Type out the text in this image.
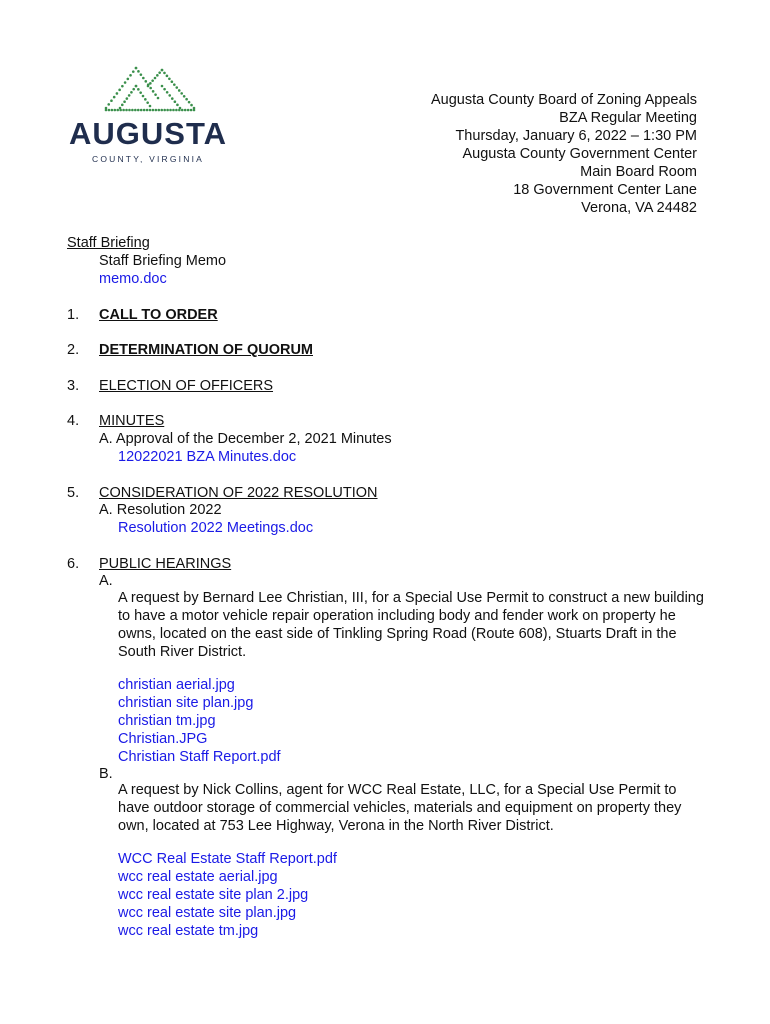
AUGUSTA
COUNTY, VIRGINIA
Augusta County Board of Zoning Appeals
BZA Regular Meeting
Thursday, January 6, 2022 – 1:30 PM
Augusta County Government Center
Main Board Room
18 Government Center Lane
Verona, VA 24482
Staff Briefing
Staff Briefing Memo
memo.doc
1. CALL TO ORDER
2. DETERMINATION OF QUORUM
3. ELECTION OF OFFICERS
4. MINUTES
A. Approval of the December 2, 2021 Minutes
12022021 BZA Minutes.doc
5. CONSIDERATION OF 2022 RESOLUTION
A. Resolution 2022
Resolution 2022 Meetings.doc
6. PUBLIC HEARINGS
A.
A request by Bernard Lee Christian, III, for a Special Use Permit to construct a new building to have a motor vehicle repair operation including body and fender work on property he owns, located on the east side of Tinkling Spring Road (Route 608), Stuarts Draft in the South River District.
christian aerial.jpg
christian site plan.jpg
christian tm.jpg
Christian.JPG
Christian Staff Report.pdf
B.
A request by Nick Collins, agent for WCC Real Estate, LLC, for a Special Use Permit to have outdoor storage of commercial vehicles, materials and equipment on property they own, located at 753 Lee Highway, Verona in the North River District.
WCC Real Estate Staff Report.pdf
wcc real estate aerial.jpg
wcc real estate site plan 2.jpg
wcc real estate site plan.jpg
wcc real estate tm.jpg
